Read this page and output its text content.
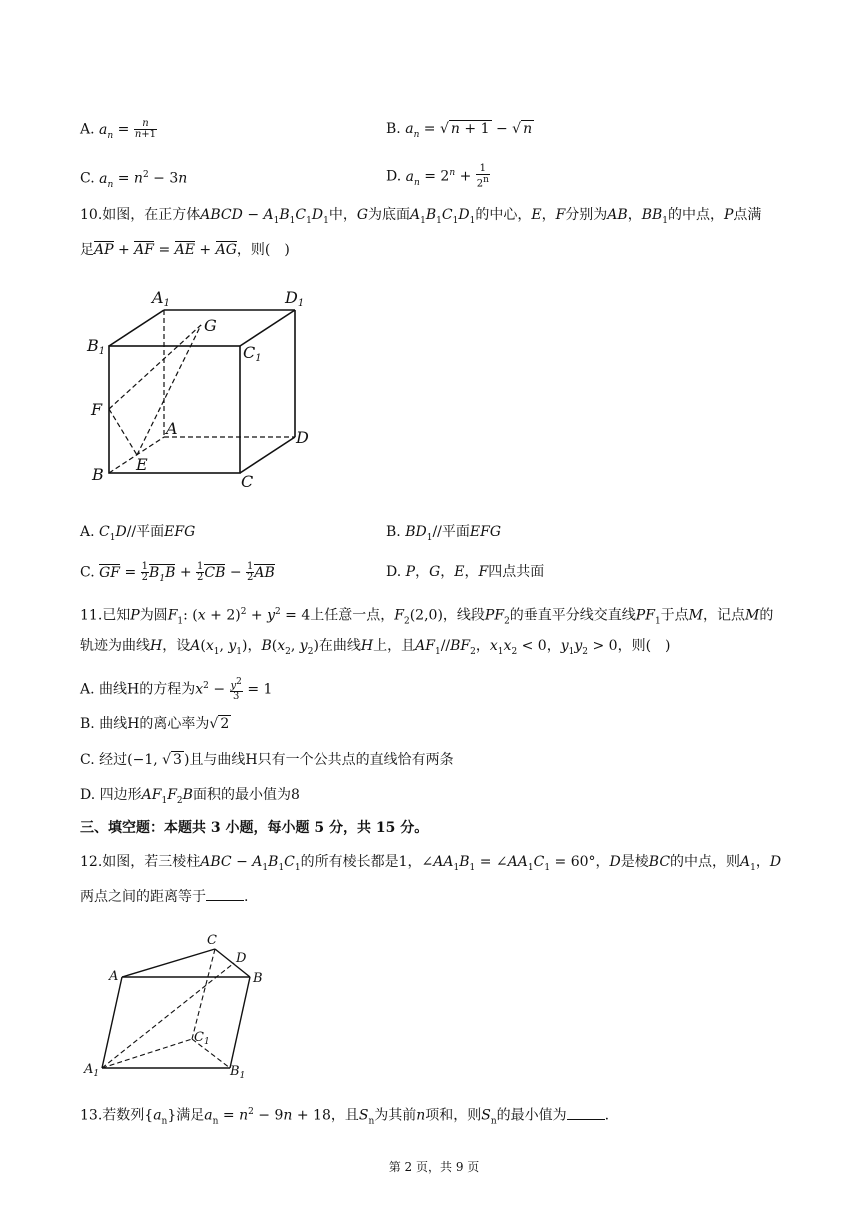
A. $a_n = \frac{n}{n+1}$	B. $a_n$ = √ n + 1 − √ n
C. $a_n = n^2 - 3n$	D. $a_n = 2^n + \frac{1}{2^n}$
10.如图，在正方体ABCD − $A_1B_1C_1D_1$中，G为底面$A_1B_1C_1D_1$的中心，E，F分别为AB，$BB_1$的中点，P点满
足AP + AF = AE + AG，则(　)
A1	D1
G
B1	C1
F
A	D
E
B	C
A. $C_1D//$平面EFG	B. $BD_1//$平面EFG
C. GF = $\frac{1}{2} B_1B + \frac{1}{2}$ CB − $\frac{1}{2}$ AB	D. P，G，E，F四点共面
11.已知P为圆$F_1$: $(x + 2)^2 + y^2 = 4$上任意一点，$F_2(2,0)$，线段$PF_2$的垂直平分线交直线$PF_1$于点M，记点M的
轨迹为曲线H，设$A(x_1$, $y_1$)，$B(x_2$, $y_2$)在曲线H上，且$AF_1//BF_2$，$x_1x_2 < 0$，$y_1y_2 > 0$，则(　)
A. 曲线H的方程为$x^2 - \frac{y^2}{3} = 1$
B. 曲线H的离心率为√ 2
C. 经过(−1, √ 3 )且与曲线H只有一个公共点的直线恰有两条
D. 四边形$AF_1F_2B$面积的最小值为8
三、填空题：本题共 3 小题，每小题 5 分，共 15 分。
12.如图，若三棱柱ABC − $A_1B_1C_1$的所有棱长都是1，$\angle AA_1B_1$ = $\angle AA_1C_1 = 60^\circ$，D是棱BC的中点，则$A_1$，D
两点之间的距离等于	.
C
D
A	B
$C_1$
$A_1$	$B_1$
13.若数列$\{a_n\}$满足$a_n = n^2 - 9n + 18$，且$S_n$为其前n项和，则$S_n$的最小值为	.
第 2 页，共 9 页
